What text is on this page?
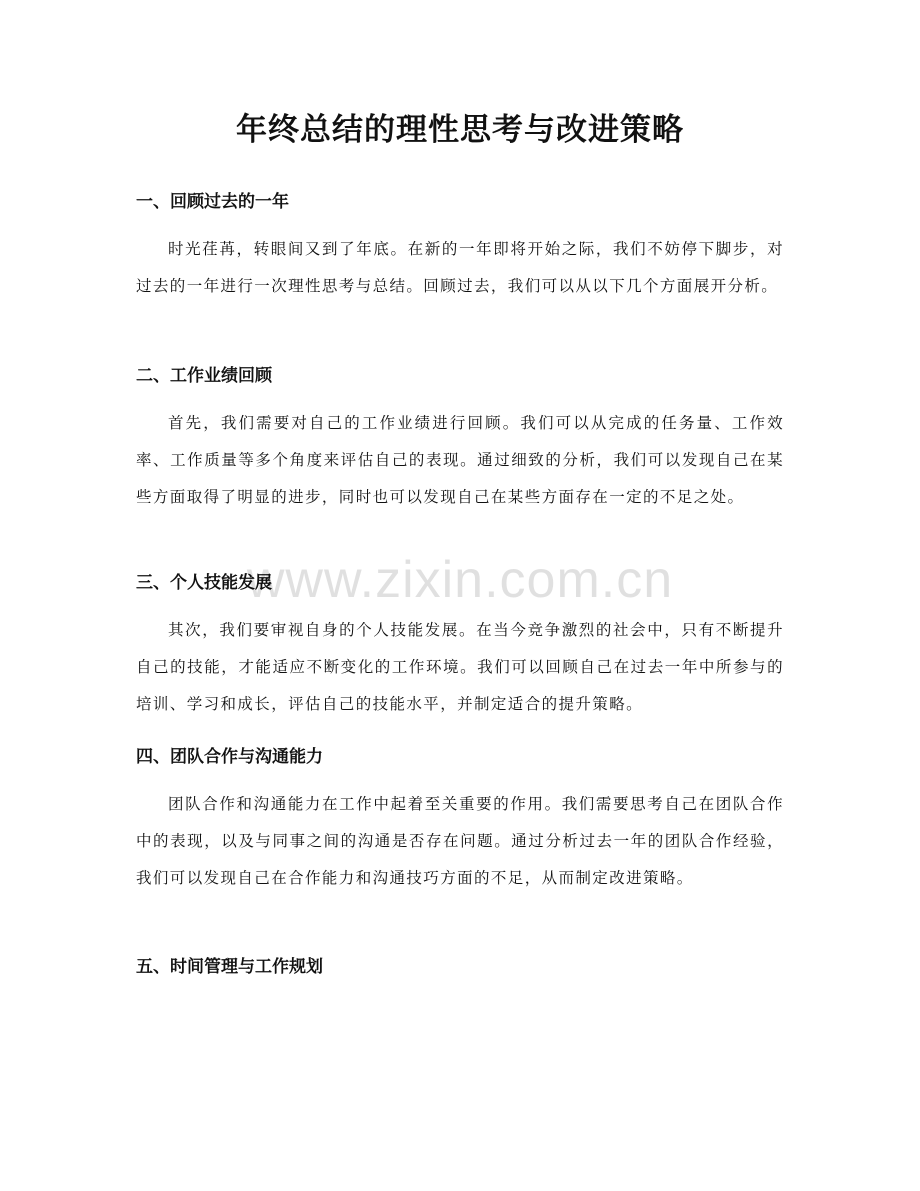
年终总结的理性思考与改进策略
一、回顾过去的一年

时光荏苒，转眼间又到了年底。在新的一年即将开始之际，我们不妨停下脚步，对过去的一年进行一次理性思考与总结。回顾过去，我们可以从以下几个方面展开分析。

二、工作业绩回顾

首先，我们需要对自己的工作业绩进行回顾。我们可以从完成的任务量、工作效率、工作质量等多个角度来评估自己的表现。通过细致的分析，我们可以发现自己在某些方面取得了明显的进步，同时也可以发现自己在某些方面存在一定的不足之处。

三、个人技能发展

其次，我们要审视自身的个人技能发展。在当今竞争激烈的社会中，只有不断提升自己的技能，才能适应不断变化的工作环境。我们可以回顾自己在过去一年中所参与的培训、学习和成长，评估自己的技能水平，并制定适合的提升策略。

四、团队合作与沟通能力

团队合作和沟通能力在工作中起着至关重要的作用。我们需要思考自己在团队合作中的表现，以及与同事之间的沟通是否存在问题。通过分析过去一年的团队合作经验，我们可以发现自己在合作能力和沟通技巧方面的不足，从而制定改进策略。

五、时间管理与工作规划
www.zixin.com.cn
